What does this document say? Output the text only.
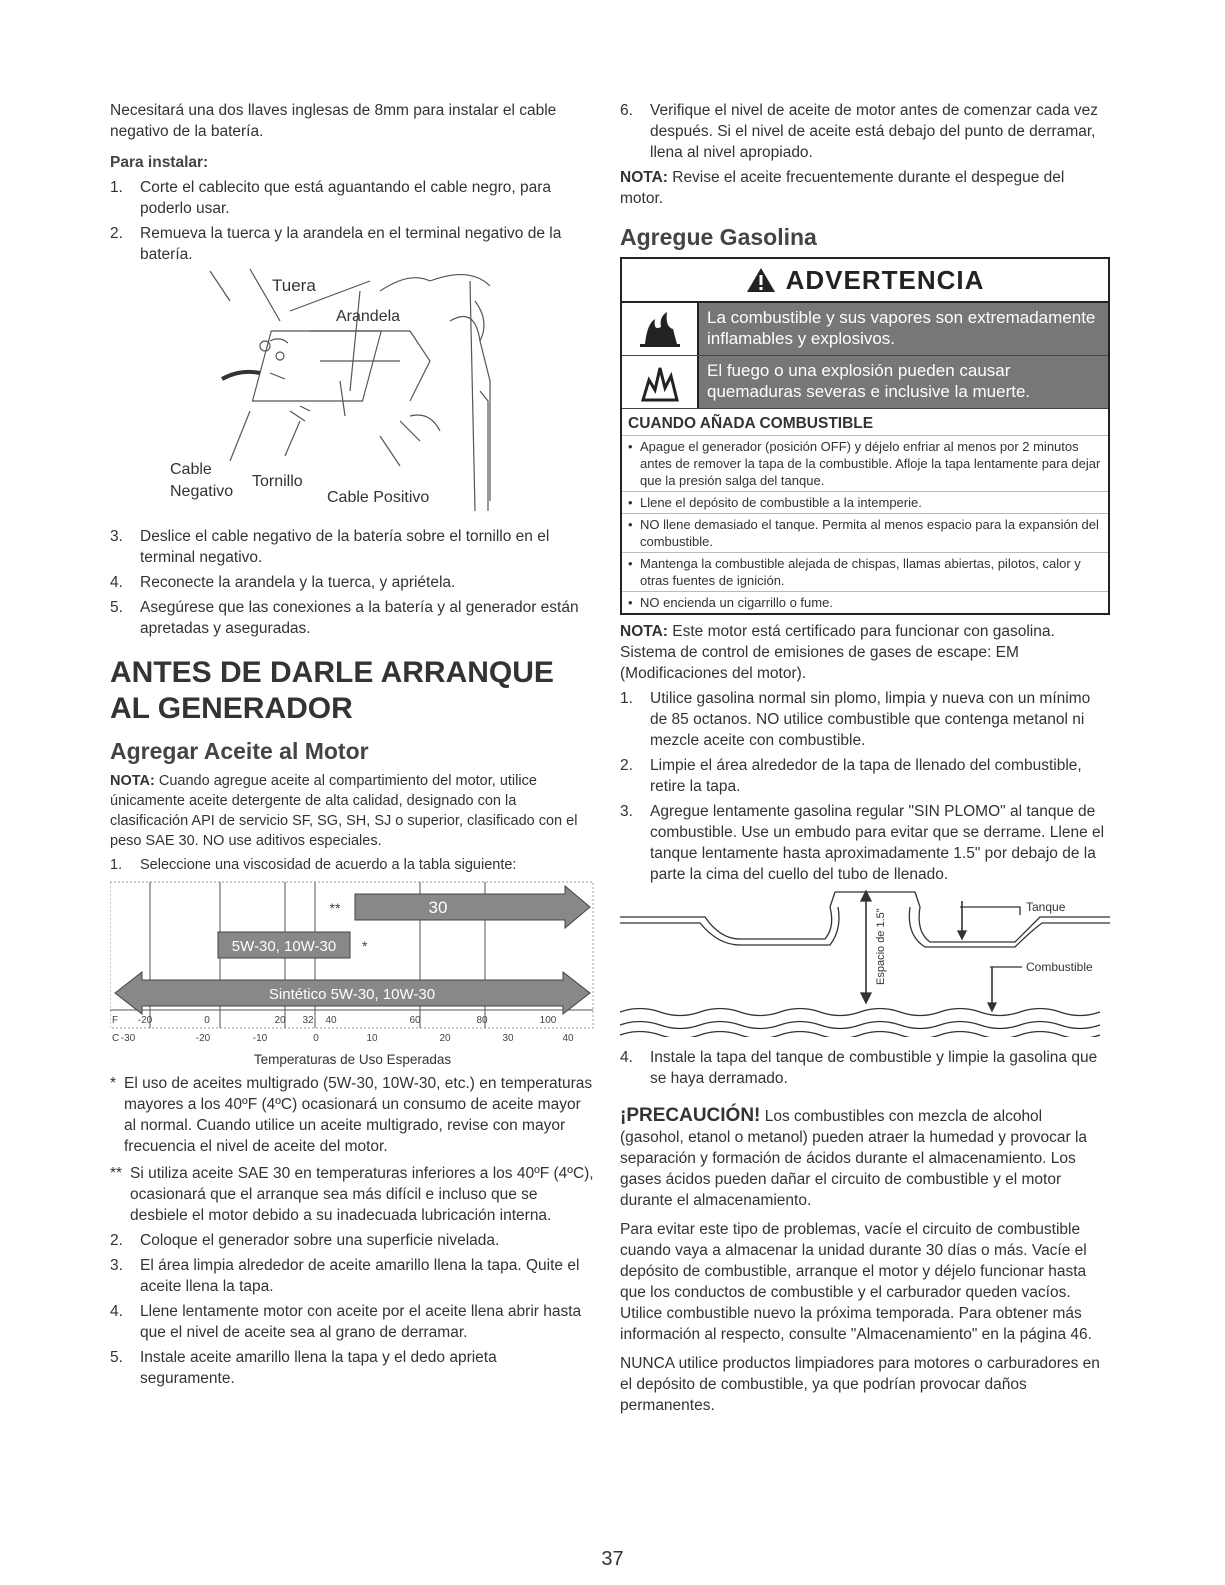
Necesitará una dos llaves inglesas de 8mm para instalar el cable negativo de la batería.

Para instalar:

1.	Corte el cablecito que está aguantando el cable negro, para poderlo usar.
2.	Remueva la tuerca y la arandela en el terminal negativo de la batería.
Tuera
Arandela
Cable
Negativo
Tornillo
Cable Positivo
3.	Deslice el cable negativo de la batería sobre el tornillo en el terminal negativo.
4.	Reconecte la arandela y la tuerca, y apriétela.
5.	Asegúrese que las conexiones a la batería y al generador están apretadas y aseguradas.
ANTES DE DARLE ARRANQUE AL GENERADOR
Agregar Aceite al Motor

NOTA: Cuando agregue aceite al compartimiento del motor, utilice únicamente aceite detergente de alta calidad, designado con la clasificación API de servicio SF, SG, SH, SJ o superior, clasificado con el peso SAE 30. NO use aditivos especiales.

1.	Seleccione una viscosidad de acuerdo a la tabla siguiente:
30
**
5W-30, 10W-30 *
Sintético 5W-30, 10W-30
F
C
-20	0	20 32 40	60	80	100
-30	-20	-10	0	10	20	30	40

Temperaturas de Uso Esperadas

* El uso de aceites multigrado (5W-30, 10W-30, etc.) en temperaturas mayores a los 40ºF (4ºC) ocasionará un consumo de aceite mayor al normal. Cuando utilice un aceite multigrado, revise con mayor frecuencia el nivel de aceite del motor.
** Si utiliza aceite SAE 30 en temperaturas inferiores a los 40ºF (4ºC), ocasionará que el arranque sea más difícil e incluso que se desbiele el motor debido a su inadecuada lubricación interna.
2.	Coloque el generador sobre una superficie nivelada.
3.	El área limpia alrededor de aceite amarillo llena la tapa. Quite el aceite llena la tapa.
4.	Llene lentamente motor con aceite por el aceite llena abrir hasta que el nivel de aceite sea al grano de derramar.
5.	Instale aceite amarillo llena la tapa y el dedo aprieta seguramente.
6.	Verifique el nivel de aceite de motor antes de comenzar cada vez después. Si el nivel de aceite está debajo del punto de derramar, llena al nivel apropiado.

NOTA: Revise el aceite frecuentemente durante el despegue del motor.

Agregue Gasolina
ADVERTENCIA
La combustible y sus vapores son extremadamente inflamables y explosivos.
El fuego o una explosión pueden causar quemaduras severas e inclusive la muerte.
CUANDO AÑADA COMBUSTIBLE
• Apague el generador (posición OFF) y déjelo enfriar al menos por 2 minutos antes de remover la tapa de la combustible. Afloje la tapa lentamente para dejar que la presión salga del tanque.
• Llene el depósito de combustible a la intemperie.
• NO llene demasiado el tanque. Permita al menos espacio para la expansión del combustible.
• Mantenga la combustible alejada de chispas, llamas abiertas, pilotos, calor y otras fuentes de ignición.
• NO encienda un cigarrillo o fume.

NOTA: Este motor está certificado para funcionar con gasolina. Sistema de control de emisiones de gases de escape: EM (Modificaciones del motor).

1.	Utilice gasolina normal sin plomo, limpia y nueva con un mínimo de 85 octanos. NO utilice combustible que contenga metanol ni mezcle aceite con combustible.
2.	Limpie el área alrededor de la tapa de llenado del combustible, retire la tapa.
3.	Agregue lentamente gasolina regular "SIN PLOMO" al tanque de combustible. Use un embudo para evitar que se derrame. Llene el tanque lentamente hasta aproximadamente 1.5" por debajo de la parte la cima del cuello del tubo de llenado.
Tanque
Combustible
Espacio de 1.5"
4.	Instale la tapa del tanque de combustible y limpie la gasolina que se haya derramado.

¡PRECAUCIÓN! Los combustibles con mezcla de alcohol (gasohol, etanol o metanol) pueden atraer la humedad y provocar la separación y formación de ácidos durante el almacenamiento. Los gases ácidos pueden dañar el circuito de combustible y el motor durante el almacenamiento.

Para evitar este tipo de problemas, vacíe el circuito de combustible cuando vaya a almacenar la unidad durante 30 días o más. Vacíe el depósito de combustible, arranque el motor y déjelo funcionar hasta que los conductos de combustible y el carburador queden vacíos. Utilice combustible nuevo la próxima temporada. Para obtener más información al respecto, consulte "Almacenamiento" en la página 46.

NUNCA utilice productos limpiadores para motores o carburadores en el depósito de combustible, ya que podrían provocar daños permanentes.

37
